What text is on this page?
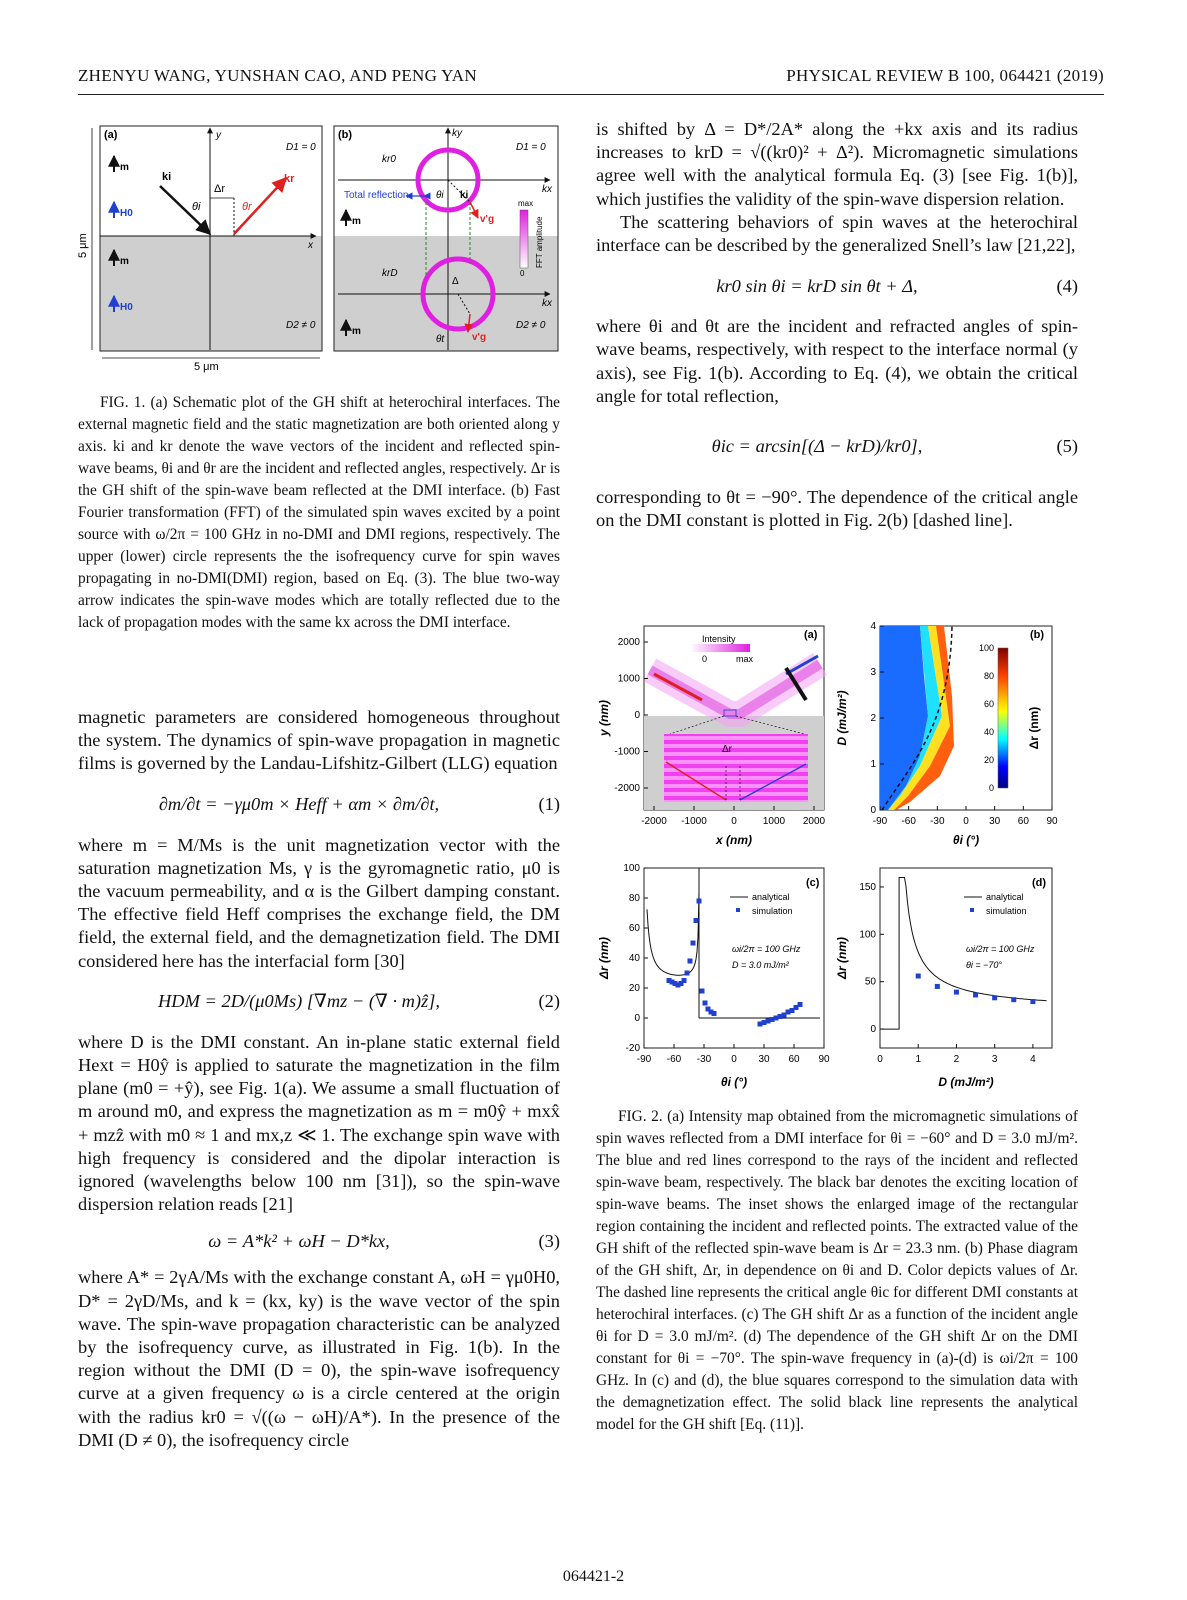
ZHENYU WANG, YUNSHAN CAO, AND PENG YAN	PHYSICAL REVIEW B 100, 064421 (2019)
(a)	y
x
D1 = 0
D2 ≠ 0
ki	kr
Δr
θi	θr
m
H0
m
H0
5 μm
5 μm
(b)	ky
kx
kx
D1 = 0
D2 ≠ 0
Total reflection
kr0
krD
Δ
v'g
v'g
ki
θi
θt
max
0
FFT amplitude
m
m

FIG. 1. (a) Schematic plot of the GH shift at heterochiral interfaces. The external magnetic field and the static magnetization are both oriented along y axis. ki and kr denote the wave vectors of the incident and reflected spin-wave beams, θi and θr are the incident and reflected angles, respectively. Δr is the GH shift of the spin-wave beam reflected at the DMI interface. (b) Fast Fourier transformation (FFT) of the simulated spin waves excited by a point source with ω/2π = 100 GHz in no-DMI and DMI regions, respectively. The upper (lower) circle represents the the isofrequency curve for spin waves propagating in no-DMI(DMI) region, based on Eq. (3). The blue two-way arrow indicates the spin-wave modes which are totally reflected due to the lack of propagation modes with the same kx across the DMI interface.

magnetic parameters are considered homogeneous throughout the system. The dynamics of spin-wave propagation in magnetic films is governed by the Landau-Lifshitz-Gilbert (LLG) equation

∂m/∂t = −γμ0m × Heff + αm × ∂m/∂t,	(1)

where m = M/Ms is the unit magnetization vector with the saturation magnetization Ms, γ is the gyromagnetic ratio, μ0 is the vacuum permeability, and α is the Gilbert damping constant. The effective field Heff comprises the exchange field, the DM field, the external field, and the demagnetization field. The DMI considered here has the interfacial form [30]

HDM = 2D/(μ0Ms) [∇mz − (∇ · m)ẑ],	(2)

where D is the DMI constant. An in-plane static external field Hext = H0ŷ is applied to saturate the magnetization in the film plane (m0 = +ŷ), see Fig. 1(a). We assume a small fluctuation of m around m0, and express the magnetization as m = m0ŷ + mxx̂ + mzẑ with m0 ≈ 1 and mx,z ≪ 1. The exchange spin wave with high frequency is considered and the dipolar interaction is ignored (wavelengths below 100 nm [31]), so the spin-wave dispersion relation reads [21]

ω = A*k² + ωH − D*kx,	(3)

where A* = 2γA/Ms with the exchange constant A, ωH = γμ0H0, D* = 2γD/Ms, and k = (kx, ky) is the wave vector of the spin wave. The spin-wave propagation characteristic can be analyzed by the isofrequency curve, as illustrated in Fig. 1(b). In the region without the DMI (D = 0), the spin-wave isofrequency curve at a given frequency ω is a circle centered at the origin with the radius kr0 = √((ω − ωH)/A*). In the presence of the DMI (D ≠ 0), the isofrequency circle

is shifted by Δ = D*/2A* along the +kx axis and its radius increases to krD = √((kr0)² + Δ²). Micromagnetic simulations agree well with the analytical formula Eq. (3) [see Fig. 1(b)], which justifies the validity of the spin-wave dispersion relation.

The scattering behaviors of spin waves at the heterochiral interface can be described by the generalized Snell’s law [21,22],

kr0 sin θi = krD sin θt + Δ,	(4)

where θi and θt are the incident and refracted angles of spin-wave beams, respectively, with respect to the interface normal (y axis), see Fig. 1(b). According to Eq. (4), we obtain the critical angle for total reflection,

θic = arcsin[(Δ − krD)/kr0],	(5)

corresponding to θt = −90°. The dependence of the critical angle on the DMI constant is plotted in Fig. 2(b) [dashed line].

Δr
Intensity
0	max
(a)
x (nm)
y (nm)
-2000 -1000 0	1000 2000
2000
1000
0
-1000
-2000
100
80
60
40
20
0
Δr (nm)
(b)
θi (°)
D (mJ/m²)
-90 -60 -30 0 30 60 90
4
3
2
1
0
(c)
analytical
simulation
ωi/2π = 100 GHz
D = 3.0 mJ/m²
θi (°)
Δr (nm)
-90 -60 -30 0 30 60 90
100
80
60
40
20
0
-20
(d)
analytical
simulation
ωi/2π = 100 GHz
θi = −70°
D (mJ/m²)
Δr (nm)
0	1	2	3	4
150
100
50
0

FIG. 2. (a) Intensity map obtained from the micromagnetic simulations of spin waves reflected from a DMI interface for θi = −60° and D = 3.0 mJ/m². The blue and red lines correspond to the rays of the incident and reflected spin-wave beam, respectively. The black bar denotes the exciting location of spin-wave beams. The inset shows the enlarged image of the rectangular region containing the incident and reflected points. The extracted value of the GH shift of the reflected spin-wave beam is Δr = 23.3 nm. (b) Phase diagram of the GH shift, Δr, in dependence on θi and D. Color depicts values of Δr. The dashed line represents the critical angle θic for different DMI constants at heterochiral interfaces. (c) The GH shift Δr as a function of the incident angle θi for D = 3.0 mJ/m². (d) The dependence of the GH shift Δr on the DMI constant for θi = −70°. The spin-wave frequency in (a)-(d) is ωi/2π = 100 GHz. In (c) and (d), the blue squares correspond to the simulation data with the demagnetization effect. The solid black line represents the analytical model for the GH shift [Eq. (11)].

064421-2
